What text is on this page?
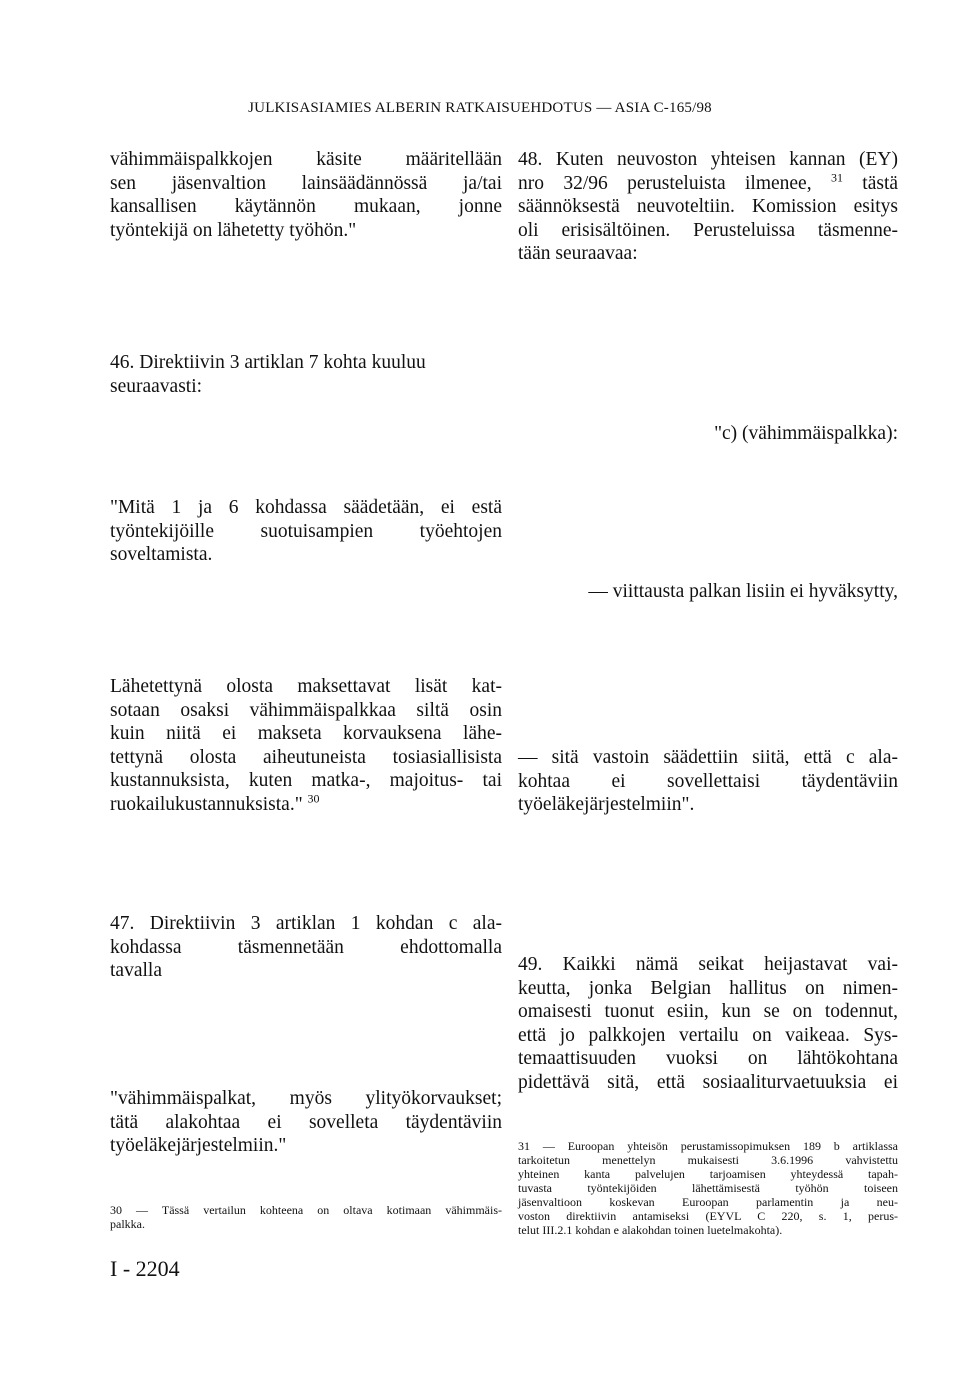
JULKISASIAMIES ALBERIN RATKAISUEHDOTUS — ASIA C-165/98
vähimmäispalkkojen käsite määritellään
sen jäsenvaltion lainsäädännössä ja/tai
kansallisen käytännön mukaan, jonne
työntekijä on lähetetty työhön."
46. Direktiivin 3 artiklan 7 kohta kuuluu
seuraavasti:
"Mitä 1 ja 6 kohdassa säädetään, ei estä
työntekijöille suotuisampien työehtojen
soveltamista.
Lähetettynä olosta maksettavat lisät kat-
sotaan osaksi vähimmäispalkkaa siltä osin
kuin niitä ei makseta korvauksena lähe-
tettynä olosta aiheutuneista tosiasiallisista
kustannuksista, kuten matka-, majoitus- tai
ruokailukustannuksista." $^{30}$
47. Direktiivin 3 artiklan 1 kohdan c ala-
kohdassa täsmennetään ehdottomalla
tavalla
"vähimmäispalkat, myös ylityökorvaukset;
tätä alakohtaa ei sovelleta täydentäviin
työeläkejärjestelmiin."
30 — Tässä vertailun kohteena on oltava kotimaan vähimmäis-
palkka.
I - 2204
48. Kuten neuvoston yhteisen kannan (EY)
nro 32/96 perusteluista ilmenee, $^{31}$ tästä
säännöksestä neuvoteltiin. Komission esitys
oli erisisältöinen. Perusteluissa täsmenne-
tään seuraavaa:
"c) (vähimmäispalkka):
— viittausta palkan lisiin ei hyväksytty,
— sitä vastoin säädettiin siitä, että c ala-
kohtaa ei sovellettaisi täydentäviin
työeläkejärjestelmiin".
49. Kaikki nämä seikat heijastavat vai-
keutta, jonka Belgian hallitus on nimen-
omaisesti tuonut esiin, kun se on todennut,
että jo palkkojen vertailu on vaikeaa. Sys-
temaattisuuden vuoksi on lähtökohtana
pidettävä sitä, että sosiaaliturvaetuuksia ei
31 — Euroopan yhteisön perustamissopimuksen 189 b artiklassa
tarkoitetun menettelyn mukaisesti 3.6.1996 vahvistettu
yhteinen kanta palvelujen tarjoamisen yhteydessä tapah-
tuvasta työntekijöiden lähettämisestä työhön toiseen
jäsenvaltioon koskevan Euroopan parlamentin ja neu-
voston direktiivin antamiseksi (EYVL C 220, s. 1, perus-
telut III.2.1 kohdan e alakohdan toinen luetelmakohta).
